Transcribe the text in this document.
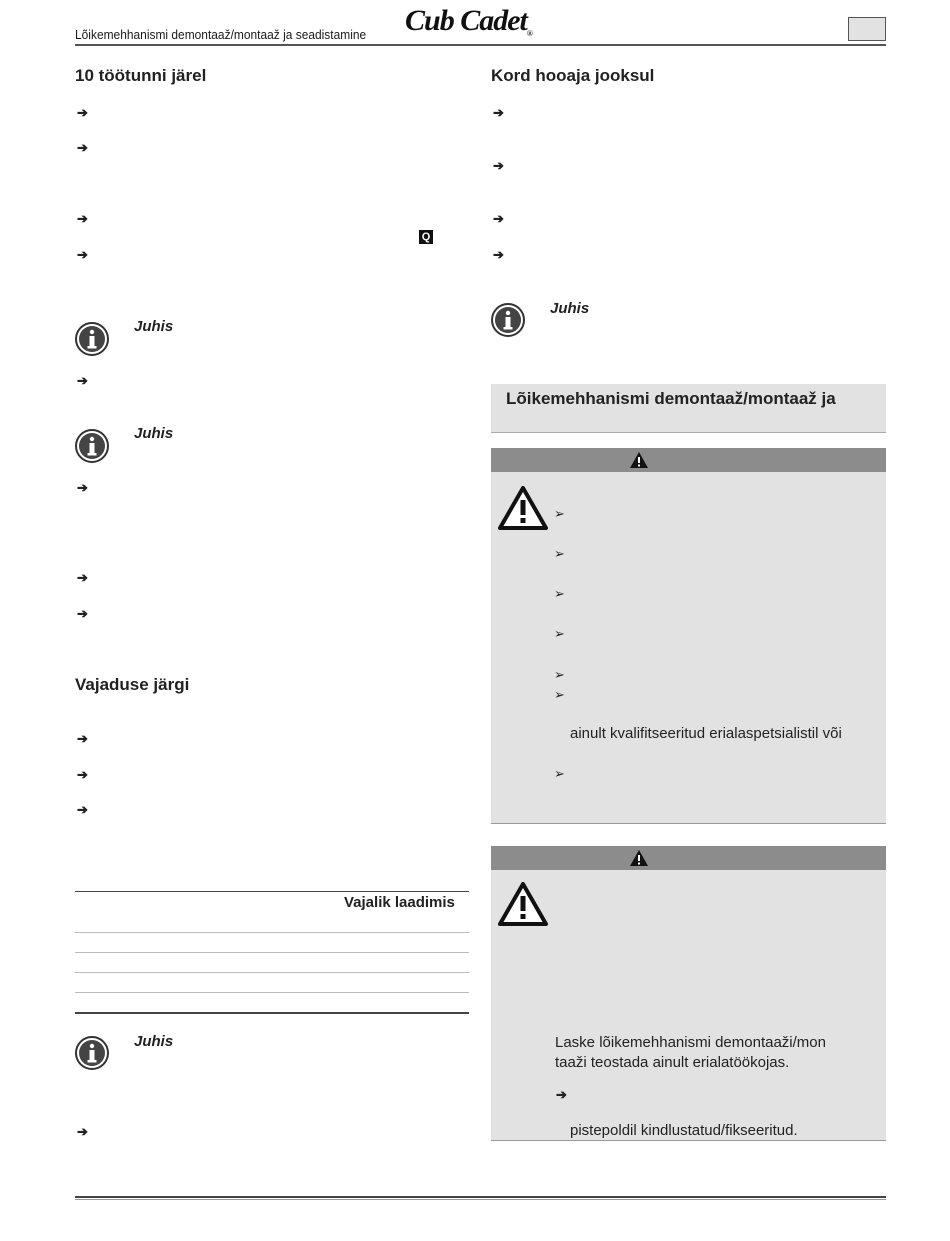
Lõikemehhanismi demontaaž/montaaž ja seadistamine Cub Cadet®
10 töötunni järel
➔
➔
➔
Q
➔
Juhis
➔
Juhis
➔
➔
➔
Vajaduse järgi
➔
➔
➔
Vajalik laadimis
Juhis
➔
Kord hooaja jooksul
➔
➔
➔
➔
Juhis
Lõikemehhanismi demontaaž/montaaž ja
➢
➢
➢
➢
➢
➢
ainult kvalifitseeritud erialaspetsialistil või
➢
Laske lõikemehhanismi demontaaži/mon
taaži teostada ainult erialatöökojas.
➔
pistepoldil kindlustatud/fikseeritud.
